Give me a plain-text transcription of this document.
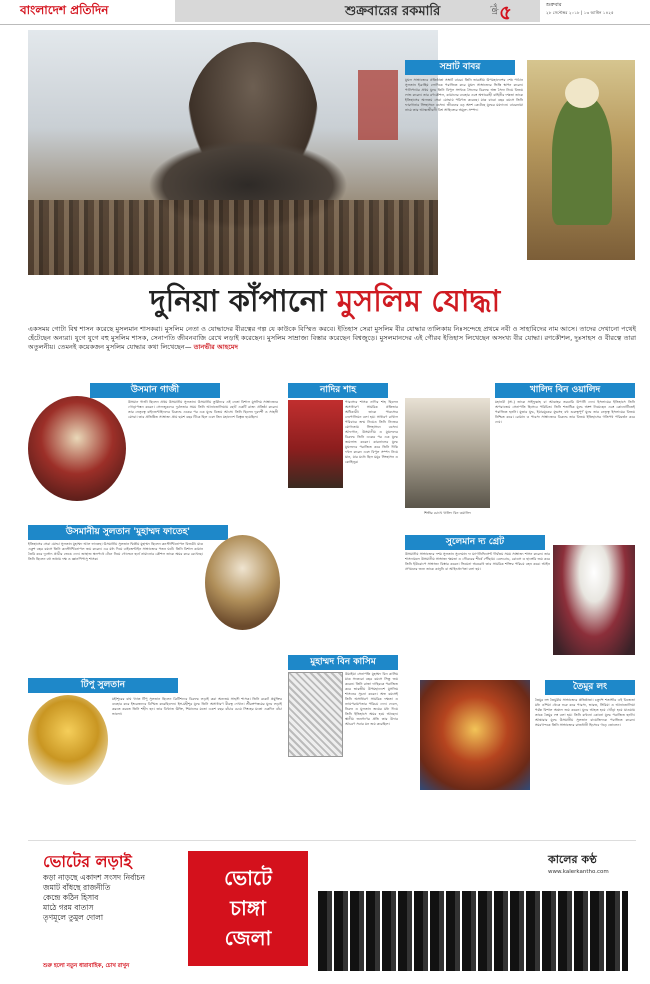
বাংলাদেশ প্রতিদিন	শুক্রবারের রকমারি	পৃষ্ঠা ৫	শুক্রবার
২৮ সেপ্টেম্বর ২০১৮ | ১৩ আশ্বিন ১৪২৫
সম্রাট বাবর
মুঘল সাম্রাজ্যের প্রতিষ্ঠাতা সম্রাট বাবর। তিনি ভারতীয় উপমহাদেশের শেষ পাঠান সুলতান ইব্রাহিম লোদিকে পরাজিত করে মুঘল সাম্রাজ্যের ভিত্তি স্থাপন করেন। পানিপথের প্রথম যুদ্ধে তিনি বিপুল সংখ্যক সৈন্যের বিরুদ্ধে অল্প সৈন্য নিয়ে বিজয় লাভ করেন। তার রণকৌশল, কামানের ব্যবহার এবং অশ্বারোহী বাহিনীর দক্ষতা তাকে ইতিহাসের অন্যতম সেরা যোদ্ধায় পরিণত করেছে। মাত্র বারো বছর বয়সে তিনি ফারগানার সিংহাসনে বসেন। জীবনের বড় অংশ কেটেছে যুদ্ধের ময়দানে। বাবরনামা নামে তার আত্মজীবনী বিশ্ব সাহিত্যের অমূল্য সম্পদ।
দুনিয়া কাঁপানো মুসলিম যোদ্ধা
একসময় গোটা বিশ্ব শাসন করেছে মুসলমান শাসকরা। মুসলিম নেতা ও যোদ্ধাদের বীরত্বের গল্প যে কাউকে বিস্মিত করবে। ইতিহাস সেরা মুসলিম বীর যোদ্ধার তালিকায় নিঃসন্দেহে প্রথমে নবী ও সাহাবিদের নাম আসে। তাদের দেখানো পথেই হেঁটেছেন অন্যরা। যুগে যুগে বহু মুসলিম শাসক, সেনাপতি জীবনবাজি রেখে লড়াই করেছেন। মুসলিম সাম্রাজ্য বিস্তার করেছেন বিশ্বজুড়ে। মুসলমানদের এই গৌরব ইতিহাস লিখেছেন অসংখ্য বীর যোদ্ধা। রণকৌশল, দুঃসাহস ও বীরত্বে তারা অতুলনীয়। তেমনই কয়েকজন মুসলিম যোদ্ধার কথা লিখেছেন— তানভীর আহমেদ
উসমান গাজী
উসমান গাজী ছিলেন প্রথম উসমানীয় সুলতান। উসমানীয় তুর্কিদের এই নেতা বিশাল মুসলিম সাম্রাজ্যের গোড়াপত্তন করেন। সেলজুকদের দুর্বলতার সময় তিনি আনাতোলিয়ায় ছোট একটি রাজ্য প্রতিষ্ঠা করেন। তার নেতৃত্বে বাইজেন্টাইনদের বিরুদ্ধে একের পর এক যুদ্ধে বিজয় আসে। তিনি ছিলেন দূরদর্শী ও সাহসী যোদ্ধা। তার প্রতিষ্ঠিত সাম্রাজ্য প্রায় ছয়শ বছর টিকে ছিল এবং তিন মহাদেশে বিস্তৃত হয়েছিল।
উসমানীয় সুলতান 'মুহাম্মদ ফাতেহ'
ইতিহাসের সেরা যোদ্ধা সুলতান মুহাম্মদ আল ফাতেহ। উসমানীয় সুলতান দ্বিতীয় মুহাম্মদ ছিলেন কনস্টান্টিনোপল বিজয়ী। মাত্র একুশ বছর বয়সে তিনি কনস্টান্টিনোপল জয় করেন। এর মধ্য দিয়ে বাইজেন্টাইন সাম্রাজ্যের পতন ঘটে। তিনি বিশাল কামান তৈরি করে দুর্ভেদ্য প্রাচীর ভেঙে দেন। জাহাজ স্থলপথে টেনে নিয়ে গোল্ডেন হর্নে নামানোর কৌশল তাকে অমর করে রেখেছে। তিনি ছিলেন বহু ভাষায় দক্ষ ও জ্ঞানপিপাসু শাসক।
টিপু সুলতান
মহীশূরের বাঘ খ্যাত টিপু সুলতান ছিলেন ব্রিটিশদের বিরুদ্ধে লড়াই করা অন্যতম সাহসী শাসক। তিনি রকেট প্রযুক্তির ব্যবহার করে ইংরেজদের বিস্মিত করেছিলেন। ইঙ্গ-মহীশূর যুদ্ধে তিনি অসাধারণ বীরত্ব দেখান। শ্রীরঙ্গপত্তমের যুদ্ধে লড়াই করতে করতে তিনি শহীদ হন। তার বিখ্যাত উক্তি, শিয়ালের মতো একশ বছর বাঁচার চেয়ে সিংহের মতো একদিন বাঁচা ভালো।
নাদির শাহ
পারস্যের শাসক নাদির শাহ ছিলেন অসাধারণ সামরিক প্রতিভার অধিকারী। তাকে পারস্যের নেপোলিয়ন বলা হয়। সাধারণ রাখাল পরিবারে জন্ম নিয়েও তিনি নিজের যোগ্যতায় সিংহাসনে বসেন। আফগান, উসমানীয় ও মুঘলদের বিরুদ্ধে তিনি একের পর এক যুদ্ধে জয়লাভ করেন। কারনালের যুদ্ধে মুঘলদের পরাজিত করে তিনি দিল্লি দখল করেন এবং বিপুল সম্পদ নিয়ে যান, যার মধ্যে ছিল ময়ূর সিংহাসন ও কোহিনূর।
মুহাম্মদ বিন কাসিম
উমাইয়া সেনাপতি মুহাম্মদ বিন কাসিম মাত্র সতেরো বছর বয়সে সিন্ধু জয় করেন। তিনি রাজা দাহিরকে পরাজিত করে ভারতীয় উপমহাদেশে মুসলিম শাসনের সূচনা করেন। অল্প বয়সেই তিনি অসাধারণ সামরিক দক্ষতা ও ন্যায়পরায়ণতার পরিচয় দেন। দেবল, নিরুন ও মুলতান জয়ের মধ্য দিয়ে তিনি ইতিহাসে অমর হয়ে আছেন। স্থানীয় জনগণের প্রতি তার উদার আচরণ সবার মন জয় করেছিল।
খালিদ বিন ওয়ালিদ
শিল্পীর চোখে খালিদ বিন ওয়ালিদ
মহানবী (সা.) তাকে সাইফুল্লাহ বা আল্লাহর তরবারি উপাধি দেন। ইসলামের ইতিহাসে তিনি অপরাজেয় সেনাপতি হিসেবে পরিচিত। তিনি শতাধিক যুদ্ধে অংশ নিয়েছেন এবং কোনোটিতেই পরাজিত হননি। মুতার যুদ্ধ, ইয়ারমুকের যুদ্ধসহ বহু গুরুত্বপূর্ণ যুদ্ধে তার নেতৃত্ব ইসলামের বিজয় নিশ্চিত করে। রোমান ও পারস্য সাম্রাজ্যের বিরুদ্ধে তার বিজয় ইতিহাসের গতিপথ পরিবর্তন করে দেয়।
সুলেমান দ্য গ্রেট
উসমানীয় সাম্রাজ্যের দশম সুলতান সুলেমান দ্য ম্যাগনিফিসেন্ট দীর্ঘতম সময় সাম্রাজ্য শাসন করেন। তার শাসনামলে উসমানীয় সাম্রাজ্য ক্ষমতা ও গৌরবের শীর্ষে পৌঁছায়। বেলগ্রেড, রোডস ও হাঙ্গেরি জয় করে তিনি ইউরোপে সাম্রাজ্য বিস্তার করেন। ভিয়েনা অবরোধ তার সামরিক শক্তির পরিচয় বহন করে। আইন প্রণয়নের জন্য তাকে কানুনি বা আইনপ্রণেতা বলা হয়।
তৈমুর লং
তৈমুর লং তৈমুরীয় সাম্রাজ্যের প্রতিষ্ঠাতা। চতুর্দশ শতাব্দীর এই বিজেতা মধ্য এশিয়া থেকে শুরু করে পারস্য, ভারত, সিরিয়া ও আনাতোলিয়া পর্যন্ত বিশাল অঞ্চল জয় করেন। যুদ্ধে আহত হয়ে খোঁড়া হয়ে যাওয়ায় তাকে তৈমুর লং বলা হয়। তিনি কখনো কোনো যুদ্ধে পরাজিত হননি। আঙ্কারার যুদ্ধে উসমানীয় সুলতান বায়েজিদকে পরাজিত করেন। সমরখন্দকে তিনি সাম্রাজ্যের রাজধানী হিসেবে গড়ে তোলেন।
ভোটের লড়াই
কড়া নাড়ছে একাদশ সংসদ নির্বাচন
জমাট বাঁধছে রাজনীতি
কেন্দ্রে কঠিন হিসাব
মাঠে গরম বাতাস
তৃণমূলে তুমুল দোলা
শুরু হলো নতুন ধারাবাহিক, চোখ রাখুন
ভোটে
চাঙ্গা
জেলা
কালের কণ্ঠ
www.kalerkantho.com
